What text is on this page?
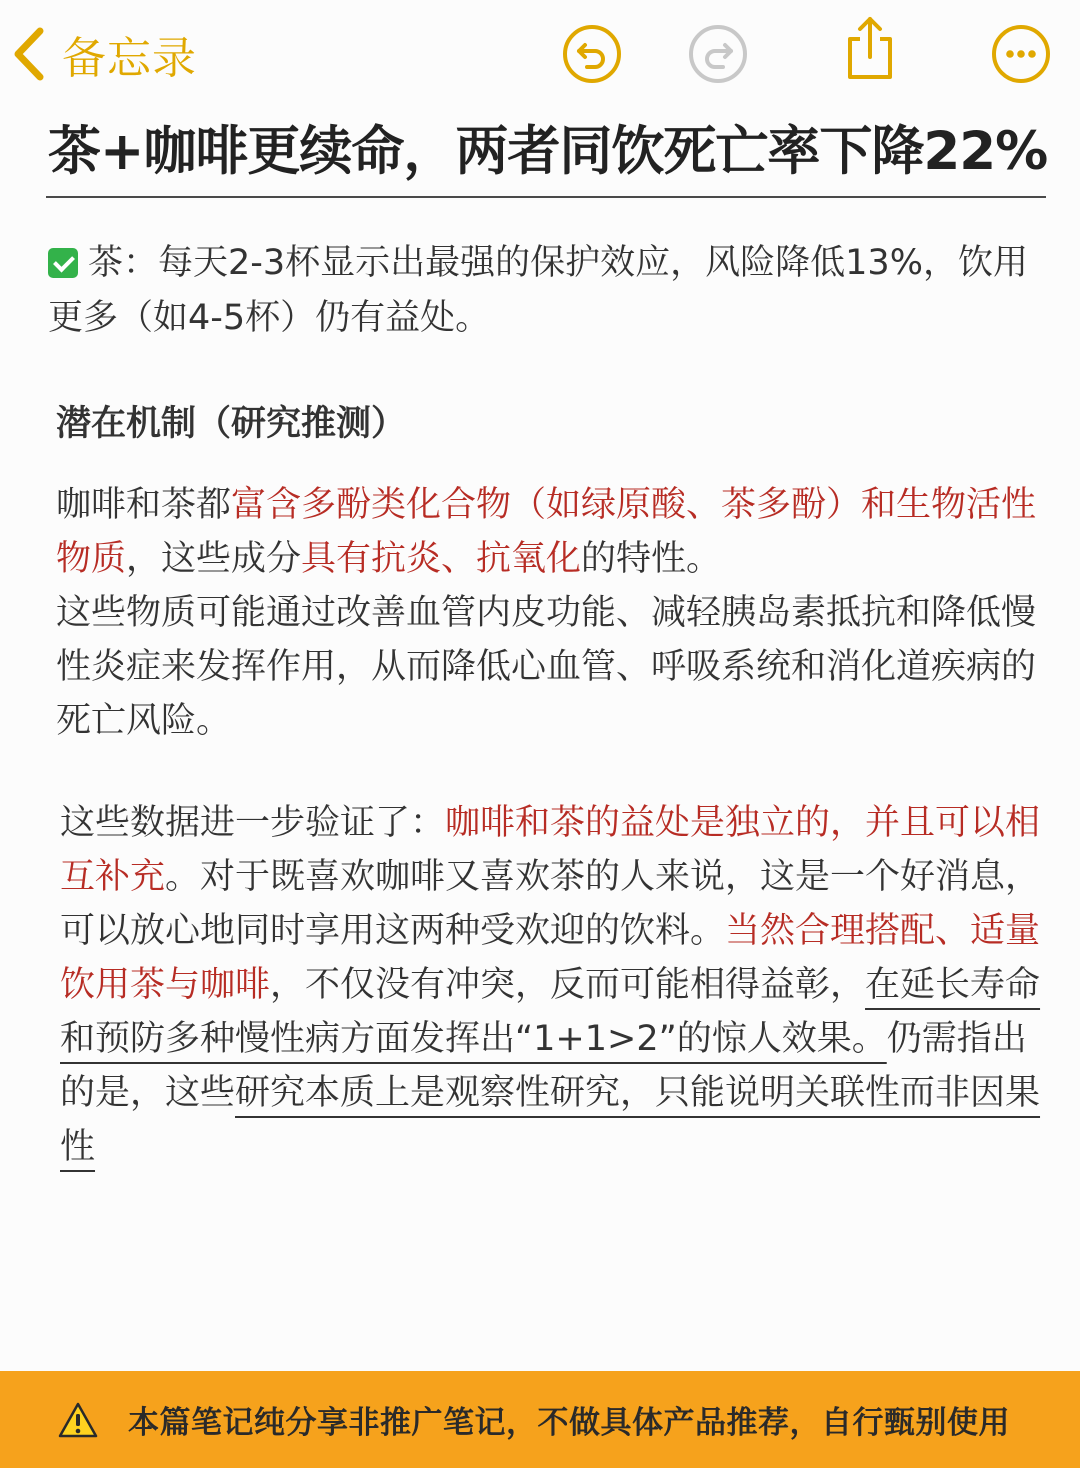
备忘录
茶+咖啡更续命，两者同饮死亡率下降22%
茶：每天2-3杯显示出最强的保护效应，风险降低13%，饮用更多（如4-5杯）仍有益处。
潜在机制（研究推测）
咖啡和茶都富含多酚类化合物（如绿原酸、茶多酚）和生物活性物质，这些成分具有抗炎、抗氧化的特性。
这些物质可能通过改善血管内皮功能、减轻胰岛素抵抗和降低慢性炎症来发挥作用，从而降低心血管、呼吸系统和消化道疾病的死亡风险。
这些数据进一步验证了：咖啡和茶的益处是独立的，并且可以相互补充。对于既喜欢咖啡又喜欢茶的人来说，这是一个好消息，可以放心地同时享用这两种受欢迎的饮料。当然合理搭配、适量饮用茶与咖啡，不仅没有冲突，反而可能相得益彰，在延长寿命和预防多种慢性病方面发挥出“1+1>2”的惊人效果。仍需指出的是，这些研究本质上是观察性研究，只能说明关联性而非因果性
本篇笔记纯分享非推广笔记，不做具体产品推荐，自行甄别使用
